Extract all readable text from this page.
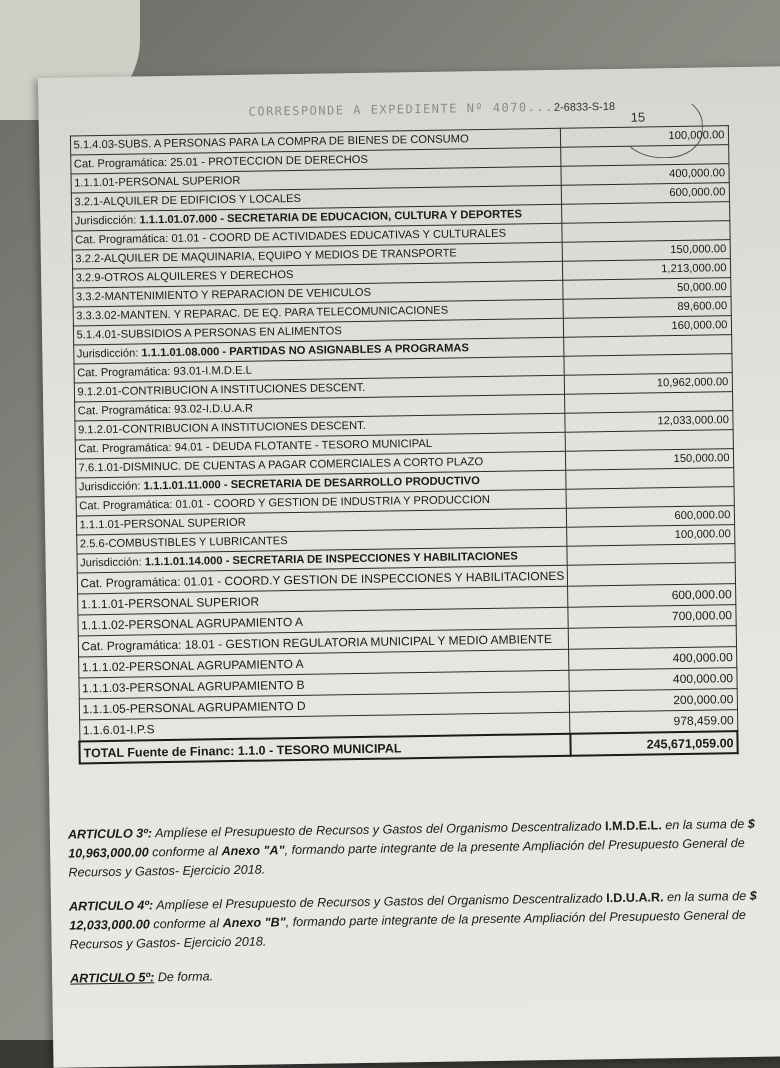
CORRESPONDE A EXPEDIENTE Nº 4070...2-6833-S-18
15
5.1.4.03-SUBS. A PERSONAS PARA LA COMPRA DE BIENES DE CONSUMO	100,000.00
Cat. Programática: 25.01 - PROTECCION DE DERECHOS	
1.1.1.01-PERSONAL SUPERIOR	400,000.00
3.2.1-ALQUILER DE EDIFICIOS Y LOCALES	600,000.00
Jurisdicción: 1.1.1.01.07.000 - SECRETARIA DE EDUCACION, CULTURA Y DEPORTES	
Cat. Programática: 01.01 - COORD DE ACTIVIDADES EDUCATIVAS Y CULTURALES	
3.2.2-ALQUILER DE MAQUINARIA, EQUIPO Y MEDIOS DE TRANSPORTE	150,000.00
3.2.9-OTROS ALQUILERES Y DERECHOS	1,213,000.00
3.3.2-MANTENIMIENTO Y REPARACION DE VEHICULOS	50,000.00
3.3.3.02-MANTEN. Y REPARAC. DE EQ. PARA TELECOMUNICACIONES	89,600.00
5.1.4.01-SUBSIDIOS A PERSONAS EN ALIMENTOS	160,000.00
Jurisdicción: 1.1.1.01.08.000 - PARTIDAS NO ASIGNABLES A PROGRAMAS	
Cat. Programática: 93.01-I.M.D.E.L	
9.1.2.01-CONTRIBUCION A INSTITUCIONES DESCENT.	10,962,000.00
Cat. Programática: 93.02-I.D.U.A.R	
9.1.2.01-CONTRIBUCION A INSTITUCIONES DESCENT.	12,033,000.00
Cat. Programática: 94.01 - DEUDA FLOTANTE - TESORO MUNICIPAL	
7.6.1.01-DISMINUC. DE CUENTAS A PAGAR COMERCIALES A CORTO PLAZO	150,000.00
Jurisdicción: 1.1.1.01.11.000 - SECRETARIA DE DESARROLLO PRODUCTIVO	
Cat. Programática: 01.01 - COORD Y GESTION DE INDUSTRIA Y PRODUCCION	
1.1.1.01-PERSONAL SUPERIOR	600,000.00
2.5.6-COMBUSTIBLES Y LUBRICANTES	100,000.00
Jurisdicción: 1.1.1.01.14.000 - SECRETARIA DE INSPECCIONES Y HABILITACIONES	
Cat. Programática: 01.01 - COORD.Y GESTION DE INSPECCIONES Y HABILITACIONES	
1.1.1.01-PERSONAL SUPERIOR	600,000.00
1.1.1.02-PERSONAL AGRUPAMIENTO A	700,000.00
Cat. Programática: 18.01 - GESTION REGULATORIA MUNICIPAL Y MEDIO AMBIENTE	
1.1.1.02-PERSONAL AGRUPAMIENTO A	400,000.00
1.1.1.03-PERSONAL AGRUPAMIENTO B	400,000.00
1.1.1.05-PERSONAL AGRUPAMIENTO D	200,000.00
1.1.6.01-I.P.S	978,459.00
TOTAL Fuente de Financ: 1.1.0 - TESORO MUNICIPAL	245,671,059.00

ARTICULO 3º: Amplíese el Presupuesto de Recursos y Gastos del Organismo Descentralizado I.M.D.E.L. en la suma de $ 10,963,000.00 conforme al Anexo "A", formando parte integrante de la presente Ampliación del Presupuesto General de Recursos y Gastos- Ejercicio 2018.

ARTICULO 4º: Amplíese el Presupuesto de Recursos y Gastos del Organismo Descentralizado I.D.U.A.R. en la suma de $ 12,033,000.00 conforme al Anexo "B", formando parte integrante de la presente Ampliación del Presupuesto General de Recursos y Gastos- Ejercicio 2018.

ARTICULO 5º: De forma.
